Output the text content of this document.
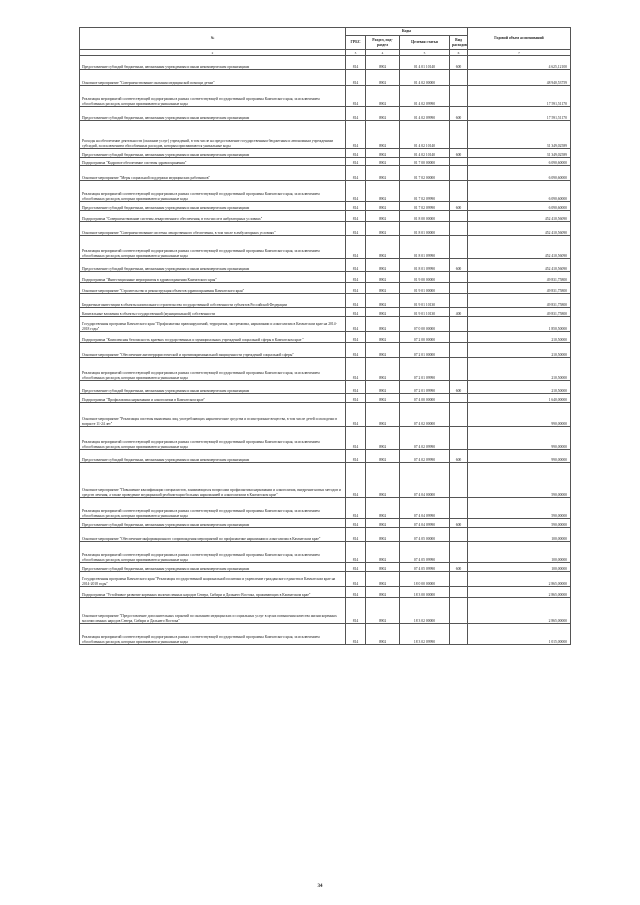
№	Коды				Годовой объем ассигнований
	ГРБС	Раздел, под-раздел	Целевая статья	Вид расходов	
2	3	4	5	6	7
Предоставление субсидий бюджетным, автономным учреждениям и иным некоммерческим организациям	814	0902	01 4 01 10140	600	4 625,12100
Основное мероприятие "Совершенствование оказания медицинской помощи детям"	814	0902	01 4 02 00000		48 940,53759
Реализация мероприятий соответствующей подпрограммы в рамках соответствующей государственной программы Камчатского края, за исключением обособленных расходов, которым присваиваются уникальные коды	814	0902	01 4 02 09990		17 591,51170
Предоставление субсидий бюджетным, автономным учреждениям и иным некоммерческим организациям	814	0902	01 4 02 09990	600	17 591,51170
Расходы на обеспечение деятельности (оказание услуг) учреждений, в том числе на предоставление государственным бюджетным и автономным учреждениям субсидий, за исключением обособленных расходов, которым присваиваются уникальные коды	814	0902	01 4 02 10140		31 349,02589
Предоставление субсидий бюджетным, автономным учреждениям и иным некоммерческим организациям	814	0902	01 4 02 10140	600	31 349,02589
Подпрограмма "Кадровое обеспечение системы здравоохранения"	814	0902	01 7 00 00000		6 090,60000
Основное мероприятие "Меры социальной поддержки медицинских работников"	814	0902	01 7 02 00000		6 090,60000
Реализация мероприятий соответствующей подпрограммы в рамках соответствующей государственной программы Камчатского края, за исключением обособленных расходов, которым присваиваются уникальные коды	814	0902	01 7 02 09990		6 090,60000
Предоставление субсидий бюджетным, автономным учреждениям и иным некоммерческим организациям	814	0902	01 7 02 09990	600	6 090,60000
Подпрограмма "Совершенствование системы лекарственного обеспечения, в том числе в амбулаторных условиях"	814	0902	01 8 00 00000		452 410,56090
Основное мероприятие "Совершенствование системы лекарственного обеспечения, в том числе в амбулаторных условиях"	814	0902	01 8 01 00000		452 410,56090
Реализация мероприятий соответствующей подпрограммы в рамках соответствующей государственной программы Камчатского края, за исключением обособленных расходов, которым присваиваются уникальные коды	814	0902	01 8 01 09990		452 410,56090
Предоставление субсидий бюджетным, автономным учреждениям и иным некоммерческим организациям	814	0902	01 8 01 09990	600	452 410,56090
Подпрограмма "Инвестиционные мероприятия в здравоохранении Камчатского края"	814	0902	01 9 00 00000		49 831,75800
Основное мероприятие "Строительство и реконструкция объектов здравоохранения Камчатского края"	814	0902	01 9 01 00000		49 831,75800
Бюджетные инвестиции в объекты капитального строительства государственной собственности субъектов Российской Федерации	814	0902	01 9 01 10130		49 831,75800
Капитальные вложения в объекты государственной (муниципальной) собственности	814	0902	01 9 01 10130	400	49 831,75800
Государственная программа Камчатского края "Профилактика правонарушений, терроризма, экстремизма, наркомании и алкоголизма в Камчатском крае на 2014-2018 годы"	814	0902	07 0 00 00000		1 850,50000
Подпрограмма "Комплексная безопасность краевых государственных и муниципальных учреждений социальной сферы в Камчатском крае "	814	0902	07 2 00 00000		210,50000
Основное мероприятие "Обеспечение антитеррористической и противокриминальной защищенности учреждений социальной сферы"	814	0902	07 2 01 00000		210,50000
Реализация мероприятий соответствующей подпрограммы в рамках соответствующей государственной программы Камчатского края, за исключением обособленных расходов, которым присваиваются уникальные коды	814	0902	07 2 01 09990		210,50000
Предоставление субсидий бюджетным, автономным учреждениям и иным некоммерческим организациям	814	0902	07 2 01 09990	600	210,50000
Подпрограмма "Профилактика наркомании и алкоголизма в Камчатском крае"	814	0902	07 4 00 00000		1 640,00000
Основное мероприятие "Реализация системы выявления лиц, употребляющих наркотические средства и психотропные вещества, в том числе детей и молодежи в возрасте 11-24 лет"	814	0902	07 4 02 00000		990,00000
Реализация мероприятий соответствующей подпрограммы в рамках соответствующей государственной программы Камчатского края, за исключением обособленных расходов, которым присваиваются уникальные коды	814	0902	07 4 02 09990		990,00000
Предоставление субсидий бюджетным, автономным учреждениям и иным некоммерческим организациям	814	0902	07 4 02 09990	600	990,00000
Основное мероприятие "Повышение квалификации специалистов, занимающихся вопросами профилактики наркомании и алкоголизма, внедрение новых методов и средств лечения, а также проведение медицинской реабилитации больных наркоманией и алкоголизмом в Камчатском крае"	814	0902	07 4 04 00000		590,00000
Реализация мероприятий соответствующей подпрограммы в рамках соответствующей государственной программы Камчатского края, за исключением обособленных расходов, которым присваиваются уникальные коды	814	0902	07 4 04 09990		590,00000
Предоставление субсидий бюджетным, автономным учреждениям и иным некоммерческим организациям	814	0902	07 4 04 09990	600	590,00000
Основное мероприятие "Обеспечение информационного сопровождения мероприятий по профилактике наркомании и алкоголизма в Камчатском крае"	814	0902	07 4 05 00000		100,00000
Реализация мероприятий соответствующей подпрограммы в рамках соответствующей государственной программы Камчатского края, за исключением обособленных расходов, которым присваиваются уникальные коды	814	0902	07 4 05 09990		100,00000
Предоставление субсидий бюджетным, автономным учреждениям и иным некоммерческим организациям	814	0902	07 4 05 09990	600	100,00000
Государственная программа Камчатского края "Реализация государственной национальной политики и укрепление гражданского единства в Камчатском крае на 2014-2018 годы"	814	0902	18 0 00 00000		2 865,00000
Подпрограмма "Устойчивое развитие коренных малочисленных народов Севера, Сибири и Дальнего Востока, проживающих в Камчатском крае"	814	0902	18 3 00 00000		2 865,00000
Основное мероприятие "Предоставление дополнительных гарантий по оказанию медицинских и социальных услуг в целях повышения качества жизни коренных малочисленных народов Севера, Сибири и Дальнего Востока"	814	0902	18 3 02 00000		2 865,00000
Реализация мероприятий соответствующей подпрограммы в рамках соответствующей государственной программы Камчатского края, за исключением обособленных расходов, которым присваиваются уникальные коды	814	0902	18 3 02 09990		1 015,00000
34
